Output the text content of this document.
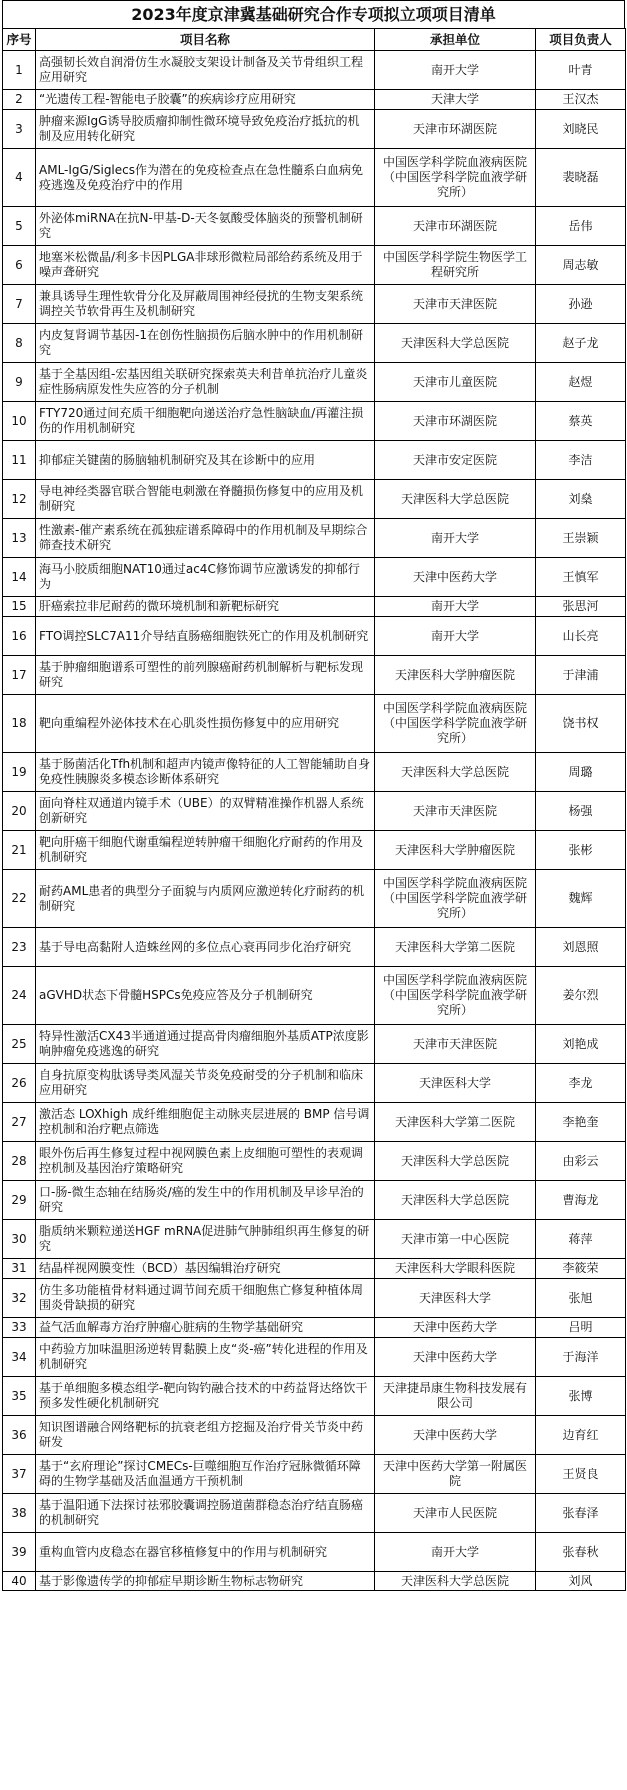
2023年度京津冀基础研究合作专项拟立项项目清单
序号	项目名称	承担单位	项目负责人
1	高强韧长效自润滑仿生水凝胶支架设计制备及关节骨组织工程应用研究	南开大学	叶青
2	“光遗传工程-智能电子胶囊”的疾病诊疗应用研究	天津大学	王汉杰
3	肿瘤来源IgG诱导胶质瘤抑制性微环境导致免疫治疗抵抗的机制及应用转化研究	天津市环湖医院	刘晓民
4	AML-IgG/Siglecs作为潜在的免疫检查点在急性髓系白血病免疫逃逸及免疫治疗中的作用	中国医学科学院血液病医院（中国医学科学院血液学研究所）	裴晓磊
5	外泌体miRNA在抗N-甲基-D-天冬氨酸受体脑炎的预警机制研究	天津市环湖医院	岳伟
6	地塞米松微晶/利多卡因PLGA非球形微粒局部给药系统及用于噪声聋研究	中国医学科学院生物医学工程研究所	周志敏
7	兼具诱导生理性软骨分化及屏蔽周围神经侵扰的生物支架系统调控关节软骨再生及机制研究	天津市天津医院	孙逊
8	内皮复肾调节基因-1在创伤性脑损伤后脑水肿中的作用机制研究	天津医科大学总医院	赵子龙
9	基于全基因组-宏基因组关联研究探索英夫利昔单抗治疗儿童炎症性肠病原发性失应答的分子机制	天津市儿童医院	赵煜
10	FTY720通过间充质干细胞靶向递送治疗急性脑缺血/再灌注损伤的作用机制研究	天津市环湖医院	蔡英
11	抑郁症关键菌的肠脑轴机制研究及其在诊断中的应用	天津市安定医院	李洁
12	导电神经类器官联合智能电刺激在脊髓损伤修复中的应用及机制研究	天津医科大学总医院	刘燊
13	性激素-催产素系统在孤独症谱系障碍中的作用机制及早期综合筛查技术研究	南开大学	王崇颖
14	海马小胶质细胞NAT10通过ac4C修饰调节应激诱发的抑郁行为	天津中医药大学	王慎军
15	肝癌索拉非尼耐药的微环境机制和新靶标研究	南开大学	张思河
16	FTO调控SLC7A11介导结直肠癌细胞铁死亡的作用及机制研究	南开大学	山长亮
17	基于肿瘤细胞谱系可塑性的前列腺癌耐药机制解析与靶标发现研究	天津医科大学肿瘤医院	于津浦
18	靶向重编程外泌体技术在心肌炎性损伤修复中的应用研究	中国医学科学院血液病医院（中国医学科学院血液学研究所）	饶书权
19	基于肠菌活化Tfh机制和超声内镜声像特征的人工智能辅助自身免疫性胰腺炎多模态诊断体系研究	天津医科大学总医院	周璐
20	面向脊柱双通道内镜手术（UBE）的双臂精准操作机器人系统创新研究	天津市天津医院	杨强
21	靶向肝癌干细胞代谢重编程逆转肿瘤干细胞化疗耐药的作用及机制研究	天津医科大学肿瘤医院	张彬
22	耐药AML患者的典型分子面貌与内质网应激逆转化疗耐药的机制研究	中国医学科学院血液病医院（中国医学科学院血液学研究所）	魏辉
23	基于导电高黏附人造蛛丝网的多位点心衰再同步化治疗研究	天津医科大学第二医院	刘恩照
24	aGVHD状态下骨髓HSPCs免疫应答及分子机制研究	中国医学科学院血液病医院（中国医学科学院血液学研究所）	姜尔烈
25	特异性激活CX43半通道通过提高骨肉瘤细胞外基质ATP浓度影响肿瘤免疫逃逸的研究	天津市天津医院	刘艳成
26	自身抗原变构肽诱导类风湿关节炎免疫耐受的分子机制和临床应用研究	天津医科大学	李龙
27	激活态 LOXhigh 成纤维细胞促主动脉夹层进展的 BMP 信号调控机制和治疗靶点筛选	天津医科大学第二医院	李艳奎
28	眼外伤后再生修复过程中视网膜色素上皮细胞可塑性的表观调控机制及基因治疗策略研究	天津医科大学总医院	由彩云
29	口-肠-微生态轴在结肠炎/癌的发生中的作用机制及早诊早治的研究	天津医科大学总医院	曹海龙
30	脂质纳米颗粒递送HGF mRNA促进肺气肿肺组织再生修复的研究	天津市第一中心医院	蒋萍
31	结晶样视网膜变性（BCD）基因编辑治疗研究	天津医科大学眼科医院	李筱荣
32	仿生多功能植骨材料通过调节间充质干细胞焦亡修复种植体周围炎骨缺损的研究	天津医科大学	张旭
33	益气活血解毒方治疗肿瘤心脏病的生物学基础研究	天津中医药大学	吕明
34	中药验方加味温胆汤逆转胃黏膜上皮“炎-癌”转化进程的作用及机制研究	天津中医药大学	于海洋
35	基于单细胞多模态组学-靶向钩钓融合技术的中药益肾达络饮干预多发性硬化机制研究	天津捷昂康生物科技发展有限公司	张博
36	知识图谱融合网络靶标的抗衰老组方挖掘及治疗骨关节炎中药研发	天津中医药大学	边育红
37	基于“玄府理论”探讨CMECs-巨噬细胞互作治疗冠脉微循环障碍的生物学基础及活血温通方干预机制	天津中医药大学第一附属医院	王贤良
38	基于温阳通下法探讨祛邪胶囊调控肠道菌群稳态治疗结直肠癌的机制研究	天津市人民医院	张春泽
39	重构血管内皮稳态在器官移植修复中的作用与机制研究	南开大学	张春秋
40	基于影像遗传学的抑郁症早期诊断生物标志物研究	天津医科大学总医院	刘风
